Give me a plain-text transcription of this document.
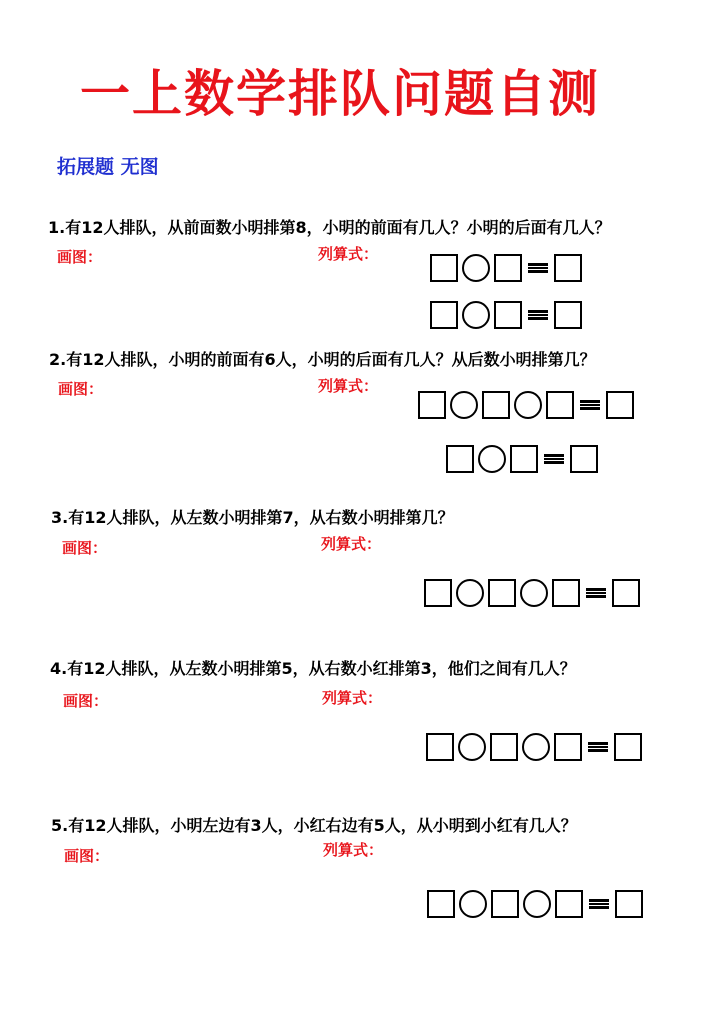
一上数学排队问题自测
拓展题 无图
1.有12人排队，从前面数小明排第8，小明的前面有几人？小明的后面有几人？
画图：	列算式：
2.有12人排队，小明的前面有6人，小明的后面有几人？从后数小明排第几？
画图：	列算式：
3.有12人排队，从左数小明排第7，从右数小明排第几？
画图：	列算式：
4.有12人排队，从左数小明排第5，从右数小红排第3，他们之间有几人？
画图：	列算式：
5.有12人排队，小明左边有3人，小红右边有5人，从小明到小红有几人？
画图：	列算式：
